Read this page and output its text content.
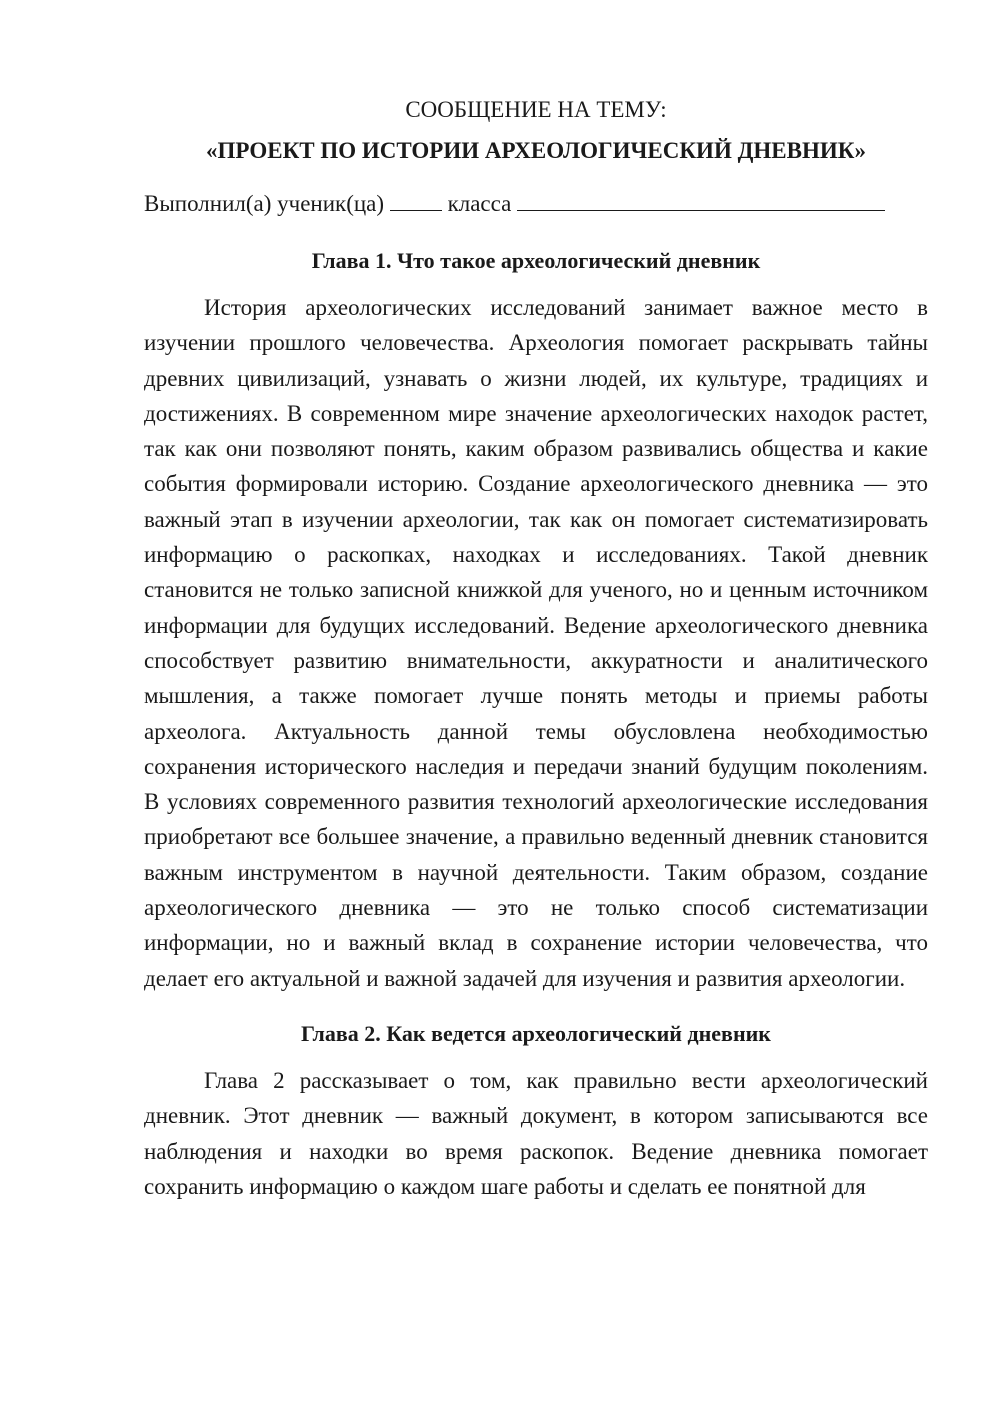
СООБЩЕНИЕ НА ТЕМУ:

«ПРОЕКТ ПО ИСТОРИИ АРХЕОЛОГИЧЕСКИЙ ДНЕВНИК»

Выполнил(а) ученик(ца)	класса

Глава 1. Что такое археологический дневник

История археологических исследований занимает важное место в изучении прошлого человечества. Археология помогает раскрывать тайны древних цивилизаций, узнавать о жизни людей, их культуре, традициях и достижениях. В современном мире значение археологических находок растет, так как они позволяют понять, каким образом развивались общества и какие события формировали историю. Создание археологического дневника — это важный этап в изучении археологии, так как он помогает систематизировать информацию о раскопках, находках и исследованиях. Такой дневник становится не только записной книжкой для ученого, но и ценным источником информации для будущих исследований. Ведение археологического дневника способствует развитию внимательности, аккуратности и аналитического мышления, а также помогает лучше понять методы и приемы работы археолога. Актуальность данной темы обусловлена необходимостью сохранения исторического наследия и передачи знаний будущим поколениям. В условиях современного развития технологий археологические исследования приобретают все большее значение, а правильно веденный дневник становится важным инструментом в научной деятельности. Таким образом, создание археологического дневника — это не только способ систематизации информации, но и важный вклад в сохранение истории человечества, что делает его актуальной и важной задачей для изучения и развития археологии.

Глава 2. Как ведется археологический дневник

Глава 2 рассказывает о том, как правильно вести археологический дневник. Этот дневник — важный документ, в котором записываются все наблюдения и находки во время раскопок. Ведение дневника помогает сохранить информацию о каждом шаге работы и сделать ее понятной для
